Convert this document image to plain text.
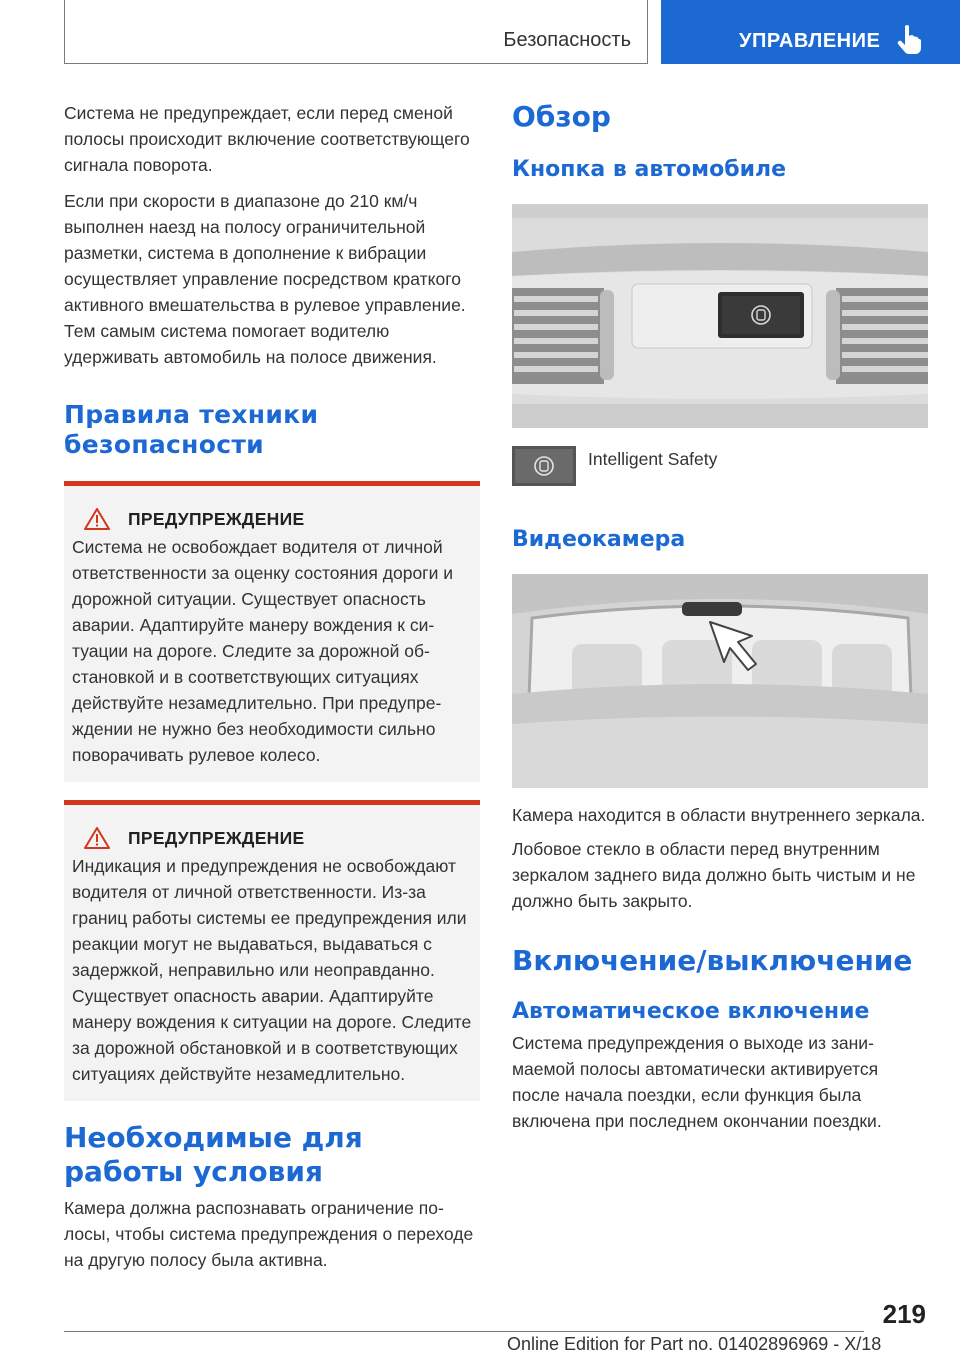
Безопасность	УПРАВЛЕНИЕ

Система не предупреждает, если перед сменой полосы происходит включение соответствующего сигнала поворота.

Если при скорости в диапазоне до 210 км/ч выполнен наезд на полосу ограничительной разметки, система в дополнение к вибрации осуществляет управление посредством краткого активного вмешательства в рулевое управление. Тем самым система помогает водителю удерживать автомобиль на полосе движения.

Правила техники безопасности
ПРЕДУПРЕЖДЕНИЕ

Система не освобождает водителя от личной ответственности за оценку состояния дороги и дорожной ситуации. Существует опасность аварии. Адаптируйте манеру вождения к ситуации на дороге. Следите за дорожной обстановкой и в соответствующих ситуациях действуйте незамедлительно. При предупреждении не нужно без необходимости сильно поворачивать рулевое колесо.

ПРЕДУПРЕЖДЕНИЕ

Индикация и предупреждения не освобождают водителя от личной ответственности. Из-за границ работы системы ее предупреждения или реакции могут не выдаваться, выдаваться с задержкой, неправильно или неоправданно. Существует опасность аварии. Адаптируйте манеру вождения к ситуации на дороге. Следите за дорожной обстановкой и в соответствующих ситуациях действуйте незамедлительно.

Необходимые для работы условия

Камера должна распознавать ограничение полосы, чтобы система предупреждения о переходе на другую полосу была активна.

Обзор
Кнопка в автомобиле
Intelligent Safety
Видеокамера

Камера находится в области внутреннего зеркала.

Лобовое стекло в области перед внутренним зеркалом заднего вида должно быть чистым и не должно быть закрыто.

Включение/выключение
Автоматическое включение

Система предупреждения о выходе из занимаемой полосы автоматически активируется после начала поездки, если функция была включена при последнем окончании поездки.

219
Online Edition for Part no. 01402896969 - X/18
